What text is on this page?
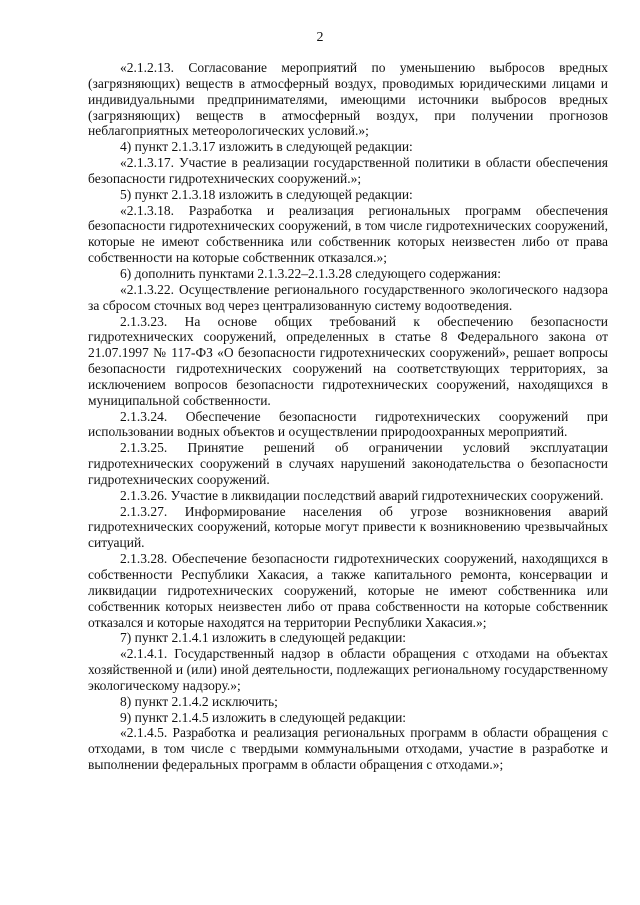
2

«2.1.2.13. Согласование мероприятий по уменьшению выбросов вредных (загрязняющих) веществ в атмосферный воздух, проводимых юридическими лицами и индивидуальными предпринимателями, имеющими источники выбросов вредных (загрязняющих) веществ в атмосферный воздух, при получении прогнозов неблагоприятных метеорологических условий.»;

4) пункт 2.1.3.17 изложить в следующей редакции:

«2.1.3.17. Участие в реализации государственной политики в области обеспечения безопасности гидротехнических сооружений.»;

5) пункт 2.1.3.18 изложить в следующей редакции:

«2.1.3.18. Разработка и реализация региональных программ обеспечения безопасности гидротехнических сооружений, в том числе гидротехнических сооружений, которые не имеют собственника или собственник которых неизвестен либо от права собственности на которые собственник отказался.»;

6) дополнить пунктами 2.1.3.22–2.1.3.28 следующего содержания:

«2.1.3.22. Осуществление регионального государственного экологического надзора за сбросом сточных вод через централизованную систему водоотведения.

2.1.3.23. На основе общих требований к обеспечению безопасности гидротехнических сооружений, определенных в статье 8 Федерального закона от 21.07.1997 № 117-ФЗ «О безопасности гидротехнических сооружений», решает вопросы безопасности гидротехнических сооружений на соответствующих территориях, за исключением вопросов безопасности гидротехнических сооружений, находящихся в муниципальной собственности.

2.1.3.24. Обеспечение безопасности гидротехнических сооружений при использовании водных объектов и осуществлении природоохранных мероприятий.

2.1.3.25. Принятие решений об ограничении условий эксплуатации гидротехнических сооружений в случаях нарушений законодательства о безопасности гидротехнических сооружений.

2.1.3.26. Участие в ликвидации последствий аварий гидротехнических сооружений.

2.1.3.27. Информирование населения об угрозе возникновения аварий гидротехнических сооружений, которые могут привести к возникновению чрезвычайных ситуаций.

2.1.3.28. Обеспечение безопасности гидротехнических сооружений, находящихся в собственности Республики Хакасия, а также капитального ремонта, консервации и ликвидации гидротехнических сооружений, которые не имеют собственника или собственник которых неизвестен либо от права собственности на которые собственник отказался и которые находятся на территории Республики Хакасия.»;

7) пункт 2.1.4.1 изложить в следующей редакции:

«2.1.4.1. Государственный надзор в области обращения с отходами на объектах хозяйственной и (или) иной деятельности, подлежащих региональному государственному экологическому надзору.»;

8) пункт 2.1.4.2 исключить;

9) пункт 2.1.4.5 изложить в следующей редакции:

«2.1.4.5. Разработка и реализация региональных программ в области обращения с отходами, в том числе с твердыми коммунальными отходами, участие в разработке и выполнении федеральных программ в области обращения с отходами.»;
